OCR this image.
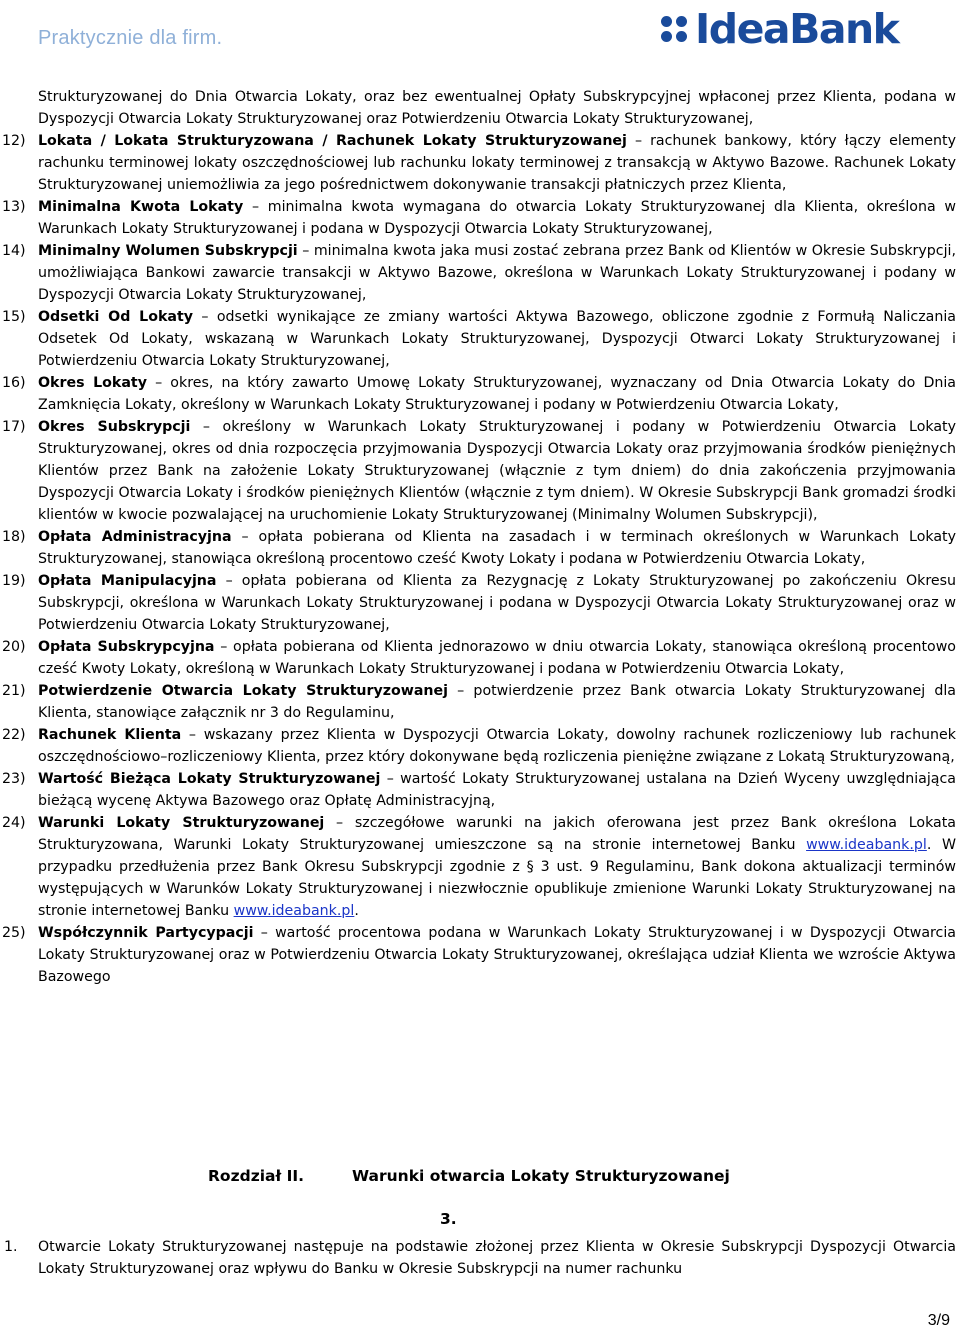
Praktycznie dla firm.	IdeaBank

Strukturyzowanej do Dnia Otwarcia Lokaty, oraz bez ewentualnej Opłaty Subskrypcyjnej wpłaconej przez Klienta, podana w Dyspozycji Otwarcia Lokaty Strukturyzowanej oraz Potwierdzeniu Otwarcia Lokaty Strukturyzowanej,

12) Lokata / Lokata Strukturyzowana / Rachunek Lokaty Strukturyzowanej – rachunek bankowy, który łączy elementy rachunku terminowej lokaty oszczędnościowej lub rachunku lokaty terminowej z transakcją w Aktywo Bazowe. Rachunek Lokaty Strukturyzowanej uniemożliwia za jego pośrednictwem dokonywanie transakcji płatniczych przez Klienta,

13) Minimalna Kwota Lokaty – minimalna kwota wymagana do otwarcia Lokaty Strukturyzowanej dla Klienta, określona w Warunkach Lokaty Strukturyzowanej i podana w Dyspozycji Otwarcia Lokaty Strukturyzowanej,

14) Minimalny Wolumen Subskrypcji – minimalna kwota jaka musi zostać zebrana przez Bank od Klientów w Okresie Subskrypcji, umożliwiająca Bankowi zawarcie transakcji w Aktywo Bazowe, określona w Warunkach Lokaty Strukturyzowanej i podany w Dyspozycji Otwarcia Lokaty Strukturyzowanej,

15) Odsetki Od Lokaty – odsetki wynikające ze zmiany wartości Aktywa Bazowego, obliczone zgodnie z Formułą Naliczania Odsetek Od Lokaty, wskazaną w Warunkach Lokaty Strukturyzowanej, Dyspozycji Otwarci Lokaty Strukturyzowanej i Potwierdzeniu Otwarcia Lokaty Strukturyzowanej,

16) Okres Lokaty – okres, na który zawarto Umowę Lokaty Strukturyzowanej, wyznaczany od Dnia Otwarcia Lokaty do Dnia Zamknięcia Lokaty, określony w Warunkach Lokaty Strukturyzowanej i podany w Potwierdzeniu Otwarcia Lokaty,

17) Okres Subskrypcji – określony w Warunkach Lokaty Strukturyzowanej i podany w Potwierdzeniu Otwarcia Lokaty Strukturyzowanej, okres od dnia rozpoczęcia przyjmowania Dyspozycji Otwarcia Lokaty oraz przyjmowania środków pieniężnych Klientów przez Bank na założenie Lokaty Strukturyzowanej (włącznie z tym dniem) do dnia zakończenia przyjmowania Dyspozycji Otwarcia Lokaty i środków pieniężnych Klientów (włącznie z tym dniem). W Okresie Subskrypcji Bank gromadzi środki klientów w kwocie pozwalającej na uruchomienie Lokaty Strukturyzowanej (Minimalny Wolumen Subskrypcji),

18) Opłata Administracyjna – opłata pobierana od Klienta na zasadach i w terminach określonych w Warunkach Lokaty Strukturyzowanej, stanowiąca określoną procentowo cześć Kwoty Lokaty i podana w Potwierdzeniu Otwarcia Lokaty,

19) Opłata Manipulacyjna – opłata pobierana od Klienta za Rezygnację z Lokaty Strukturyzowanej po zakończeniu Okresu Subskrypcji, określona w Warunkach Lokaty Strukturyzowanej i podana w Dyspozycji Otwarcia Lokaty Strukturyzowanej oraz w Potwierdzeniu Otwarcia Lokaty Strukturyzowanej,

20) Opłata Subskrypcyjna – opłata pobierana od Klienta jednorazowo w dniu otwarcia Lokaty, stanowiąca określoną procentowo cześć Kwoty Lokaty, określoną w Warunkach Lokaty Strukturyzowanej i podana w Potwierdzeniu Otwarcia Lokaty,

21) Potwierdzenie Otwarcia Lokaty Strukturyzowanej – potwierdzenie przez Bank otwarcia Lokaty Strukturyzowanej dla Klienta, stanowiące załącznik nr 3 do Regulaminu,

22) Rachunek Klienta – wskazany przez Klienta w Dyspozycji Otwarcia Lokaty, dowolny rachunek rozliczeniowy lub rachunek oszczędnościowo–rozliczeniowy Klienta, przez który dokonywane będą rozliczenia pieniężne związane z Lokatą Strukturyzowaną,

23) Wartość Bieżąca Lokaty Strukturyzowanej – wartość Lokaty Strukturyzowanej ustalana na Dzień Wyceny uwzględniająca bieżącą wycenę Aktywa Bazowego oraz Opłatę Administracyjną,

24) Warunki Lokaty Strukturyzowanej – szczegółowe warunki na jakich oferowana jest przez Bank określona Lokata Strukturyzowana, Warunki Lokaty Strukturyzowanej umieszczone są na stronie internetowej Banku www.ideabank.pl. W przypadku przedłużenia przez Bank Okresu Subskrypcji zgodnie z § 3 ust. 9 Regulaminu, Bank dokona aktualizacji terminów występujących w Warunków Lokaty Strukturyzowanej i niezwłocznie opublikuje zmienione Warunki Lokaty Strukturyzowanej na stronie internetowej Banku www.ideabank.pl.

25) Współczynnik Partycypacji – wartość procentowa podana w Warunkach Lokaty Strukturyzowanej i w Dyspozycji Otwarcia Lokaty Strukturyzowanej oraz w Potwierdzeniu Otwarcia Lokaty Strukturyzowanej, określająca udział Klienta we wzroście Aktywa Bazowego

Rozdział II.	Warunki otwarcia Lokaty Strukturyzowanej
3.
1. Otwarcie Lokaty Strukturyzowanej następuje na podstawie złożonej przez Klienta w Okresie Subskrypcji Dyspozycji Otwarcia Lokaty Strukturyzowanej oraz wpływu do Banku w Okresie Subskrypcji na numer rachunku

3/9
